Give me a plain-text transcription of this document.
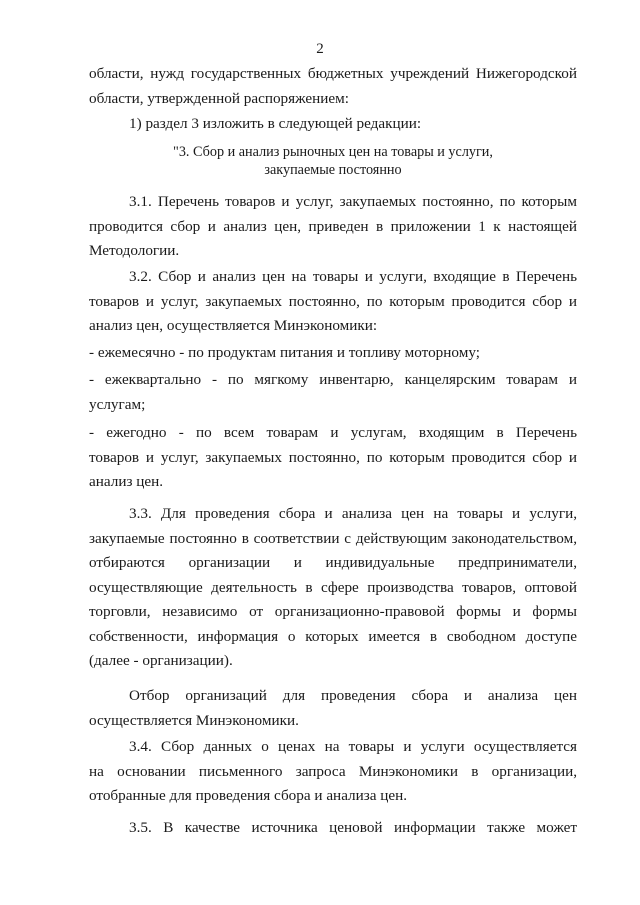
2
области, нужд государственных бюджетных учреждений Нижегородской
области, утвержденной распоряжением:
1) раздел 3 изложить в следующей редакции:
"3. Сбор и анализ рыночных цен на товары и услуги,
закупаемые постоянно
3.1. Перечень товаров и услуг, закупаемых постоянно, по которым
проводится сбор и анализ цен, приведен в приложении 1 к настоящей
Методологии.
3.2. Сбор и анализ цен на товары и услуги, входящие в Перечень
товаров и услуг, закупаемых постоянно, по которым проводится сбор и
анализ цен, осуществляется Минэкономики:
- ежемесячно - по продуктам питания и топливу моторному;
- ежеквартально - по мягкому инвентарю, канцелярским товарам и
услугам;
- ежегодно - по всем товарам и услугам, входящим в Перечень
товаров и услуг, закупаемых постоянно, по которым проводится сбор и
анализ цен.
3.3. Для проведения сбора и анализа цен на товары и услуги,
закупаемые постоянно в соответствии с действующим законодательством,
отбираются организации и индивидуальные предприниматели,
осуществляющие деятельность в сфере производства товаров, оптовой
торговли, независимо от организационно-правовой формы и формы
собственности, информация о которых имеется в свободном доступе
(далее - организации).
Отбор организаций для проведения сбора и анализа цен
осуществляется Минэкономики.
3.4. Сбор данных о ценах на товары и услуги осуществляется
на основании письменного запроса Минэкономики в организации,
отобранные для проведения сбора и анализа цен.
3.5. В качестве источника ценовой информации также может
